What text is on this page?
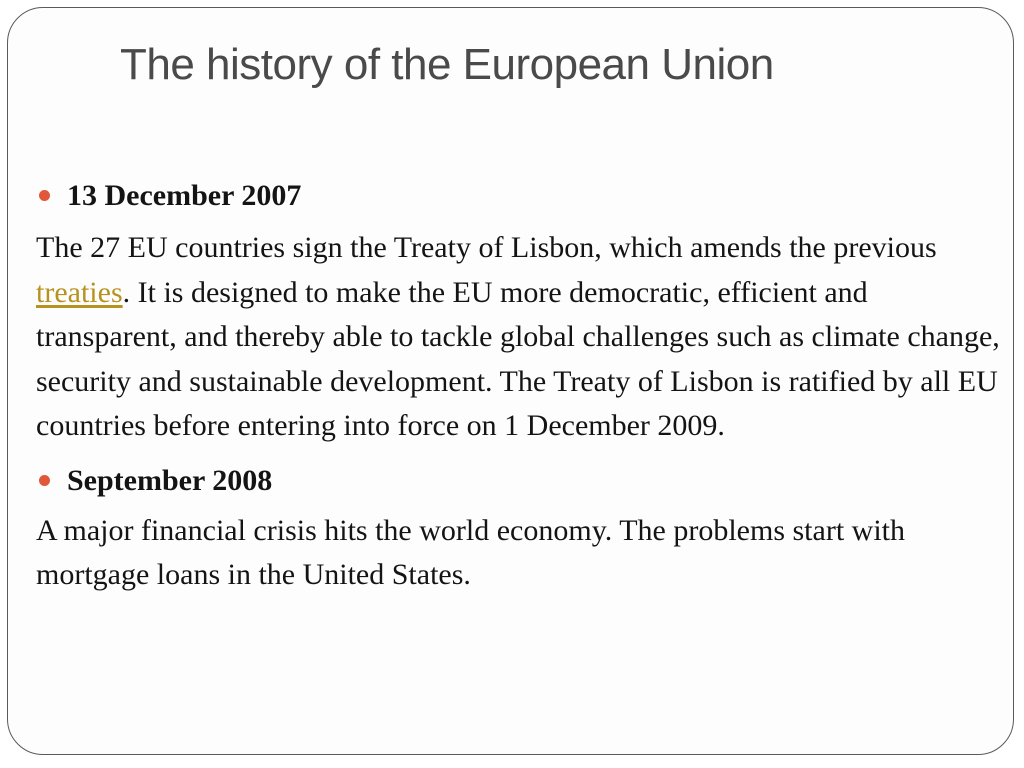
The history of the European Union
13 December 2007

The 27 EU countries sign the Treaty of Lisbon, which amends the previous treaties. It is designed to make the EU more democratic, efficient and transparent, and thereby able to tackle global challenges such as climate change, security and sustainable development. The Treaty of Lisbon is ratified by all EU countries before entering into force on 1 December 2009.

September 2008

A major financial crisis hits the world economy. The problems start with mortgage loans in the United States.
